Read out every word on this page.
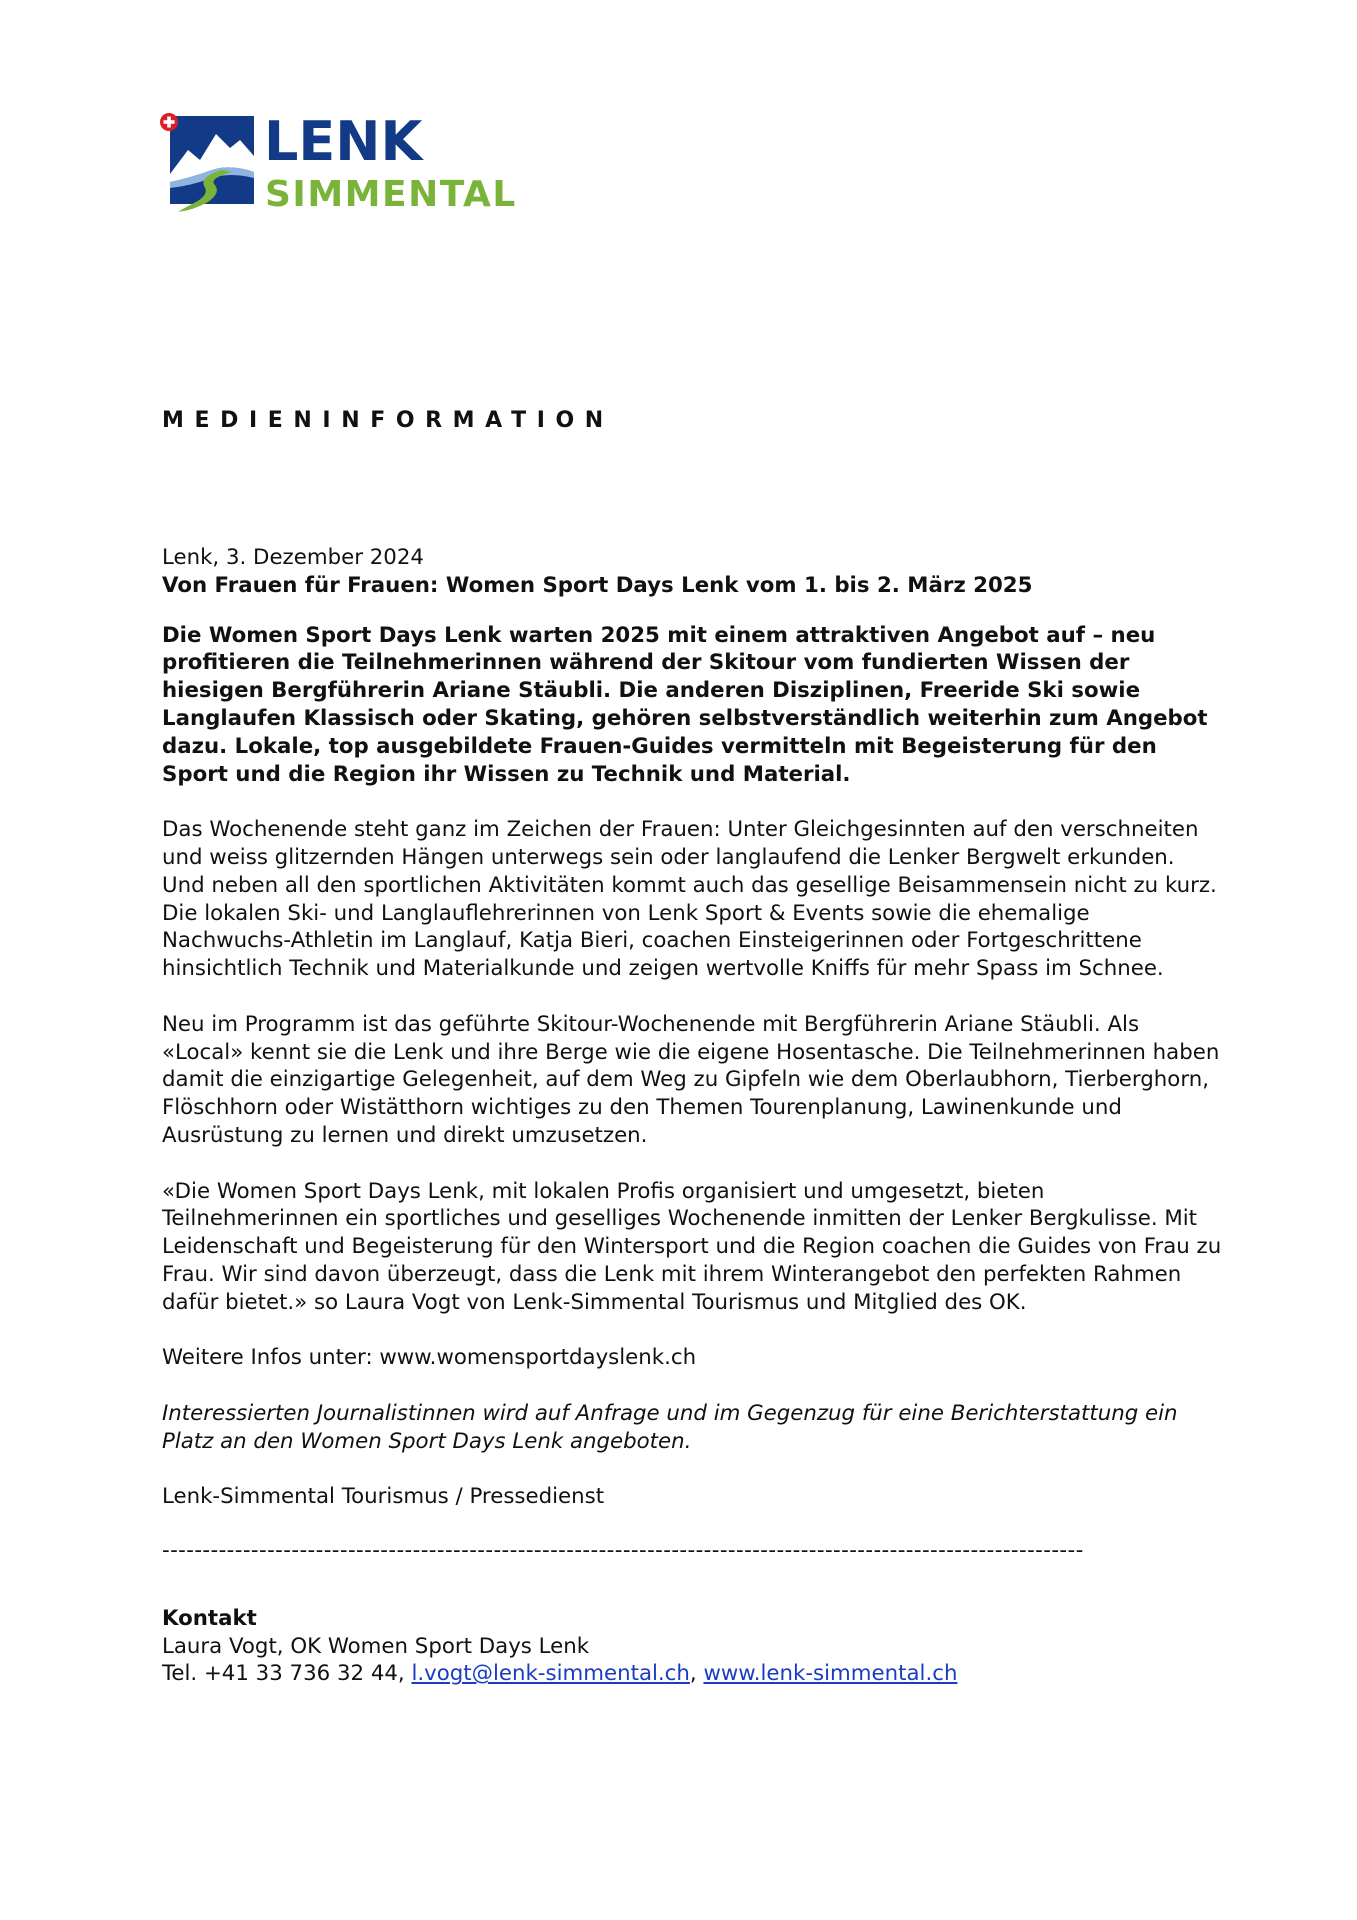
LENK
SIMMENTAL
MEDIENINFORMATION

Lenk, 3. Dezember 2024

Von Frauen für Frauen: Women Sport Days Lenk vom 1. bis 2. März 2025

Die Women Sport Days Lenk warten 2025 mit einem attraktiven Angebot auf – neu profitieren die Teilnehmerinnen während der Skitour vom fundierten Wissen der hiesigen Bergführerin Ariane Stäubli. Die anderen Disziplinen, Freeride Ski sowie Langlaufen Klassisch oder Skating, gehören selbstverständlich weiterhin zum Angebot dazu. Lokale, top ausgebildete Frauen-Guides vermitteln mit Begeisterung für den Sport und die Region ihr Wissen zu Technik und Material.

Das Wochenende steht ganz im Zeichen der Frauen: Unter Gleichgesinnten auf den verschneiten und weiss glitzernden Hängen unterwegs sein oder langlaufend die Lenker Bergwelt erkunden. Und neben all den sportlichen Aktivitäten kommt auch das gesellige Beisammensein nicht zu kurz. Die lokalen Ski- und Langlauflehrerinnen von Lenk Sport & Events sowie die ehemalige Nachwuchs-Athletin im Langlauf, Katja Bieri, coachen Einsteigerinnen oder Fortgeschrittene hinsichtlich Technik und Materialkunde und zeigen wertvolle Kniffs für mehr Spass im Schnee.

Neu im Programm ist das geführte Skitour-Wochenende mit Bergführerin Ariane Stäubli. Als «Local» kennt sie die Lenk und ihre Berge wie die eigene Hosentasche. Die Teilnehmerinnen haben damit die einzigartige Gelegenheit, auf dem Weg zu Gipfeln wie dem Oberlaubhorn, Tierberghorn, Flöschhorn oder Wistätthorn wichtiges zu den Themen Tourenplanung, Lawinenkunde und Ausrüstung zu lernen und direkt umzusetzen.

«Die Women Sport Days Lenk, mit lokalen Profis organisiert und umgesetzt, bieten Teilnehmerinnen ein sportliches und geselliges Wochenende inmitten der Lenker Bergkulisse. Mit Leidenschaft und Begeisterung für den Wintersport und die Region coachen die Guides von Frau zu Frau. Wir sind davon überzeugt, dass die Lenk mit ihrem Winterangebot den perfekten Rahmen dafür bietet.» so Laura Vogt von Lenk-Simmental Tourismus und Mitglied des OK.

Weitere Infos unter: www.womensportdayslenk.ch

Interessierten Journalistinnen wird auf Anfrage und im Gegenzug für eine Berichterstattung ein Platz an den Women Sport Days Lenk angeboten.

Lenk-Simmental Tourismus / Pressedienst

------------------------------------------------------------------------------------------------------------------

Kontakt

Laura Vogt, OK Women Sport Days Lenk

Tel. +41 33 736 32 44, l.vogt@lenk-simmental.ch, www.lenk-simmental.ch
